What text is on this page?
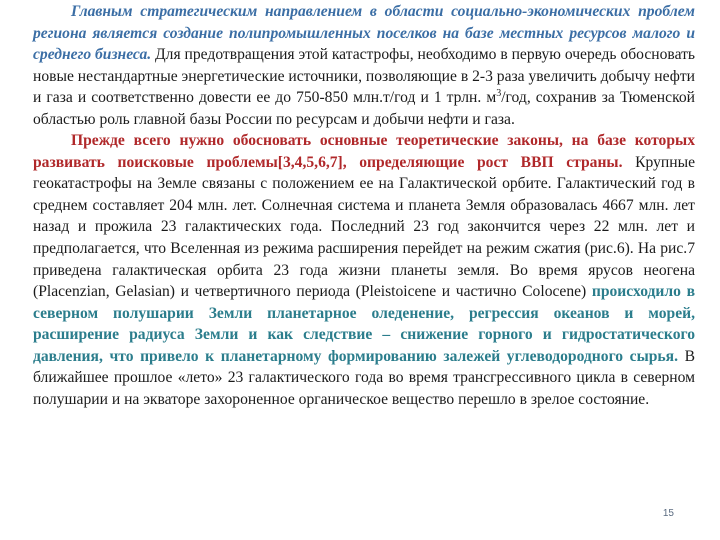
Главным стратегическим направлением в области социально-экономических проблем региона является создание полипромышленных поселков на базе местных ресурсов малого и среднего бизнеса. Для предотвращения этой катастрофы, необходимо в первую очередь обосновать новые нестандартные энергетические источники, позволяющие в 2-3 раза увеличить добычу нефти и газа и соответственно довести ее до 750-850 млн.т/год и 1 трлн. $м^3$/год, сохранив за Тюменской областью роль главной базы России по ресурсам и добычи нефти и газа.

Прежде всего нужно обосновать основные теоретические законы, на базе которых развивать поисковые проблемы[3,4,5,6,7], определяющие рост ВВП страны. Крупные геокатастрофы на Земле связаны с положением ее на Галактической орбите. Галактический год в среднем составляет 204 млн. лет. Солнечная система и планета Земля образовалась 4667 млн. лет назад и прожила 23 галактических года. Последний 23 год закончится через 22 млн. лет и предполагается, что Вселенная из режима расширения перейдет на режим сжатия (рис.6). На рис.7 приведена галактическая орбита 23 года жизни планеты земля. Во время ярусов неогена (Placenzian, Gelasian) и четвертичного периода (Pleistoicene и частично Colocene) происходило в северном полушарии Земли планетарное оледенение, регрессия океанов и морей, расширение радиуса Земли и как следствие – снижение горного и гидростатического давления, что привело к планетарному формированию залежей углеводородного сырья. В ближайшее прошлое «лето» 23 галактического года во время трансгрессивного цикла в северном полушарии и на экваторе захороненное органическое вещество перешло в зрелое состояние.

15
